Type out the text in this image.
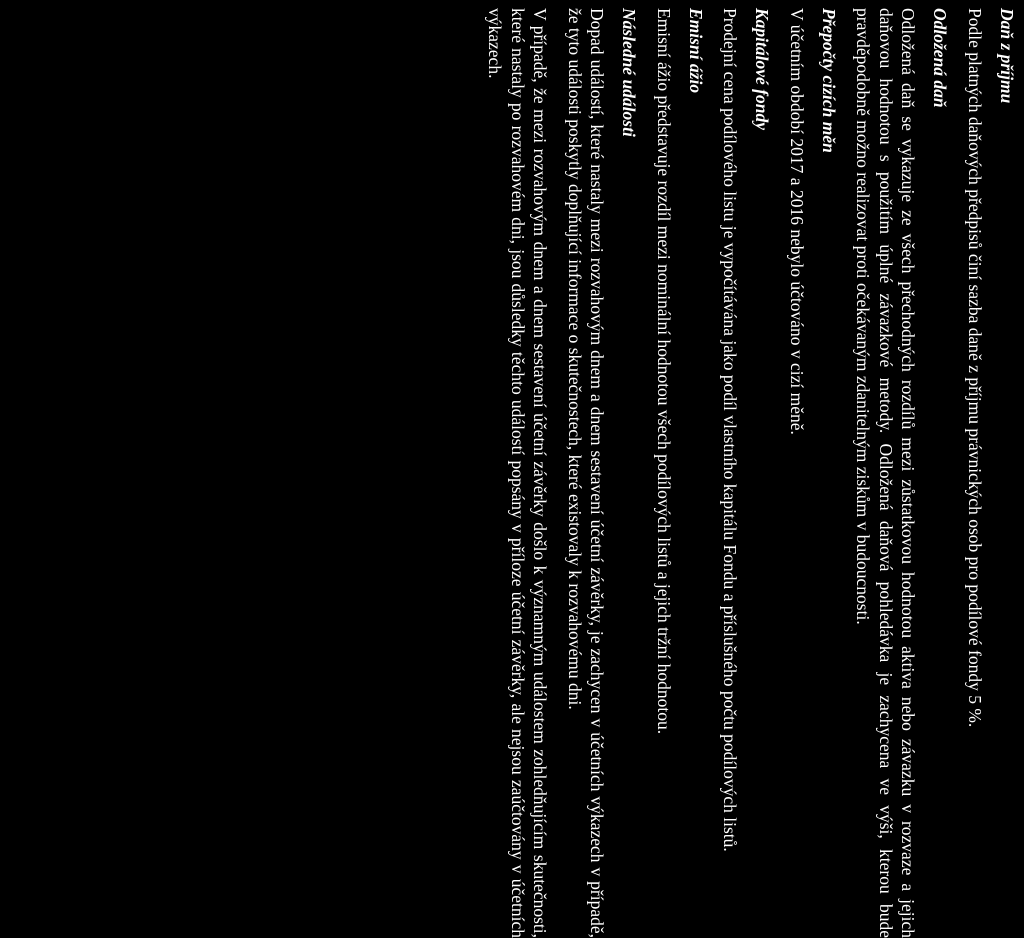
Daň z příjmu

Podle platných daňových předpisů činí sazba daně z příjmu právnických osob pro podílové fondy 5 %.

Odložená daň

Odložená daň se vykazuje ze všech přechodných rozdílů mezi zůstatkovou hodnotou aktiva nebo závazku v rozvaze a jejich daňovou hodnotou s použitím úplné závazkové metody. Odložená daňová pohledávka je zachycena ve výši, kterou bude pravděpodobně možno realizovat proti očekávaným zdanitelným ziskům v budoucnosti.

Přepočty cizích měn

V účetním období 2017 a 2016 nebylo účtováno v cizí měně.

Kapitálové fondy

Prodejní cena podílového listu je vypočítávána jako podíl vlastního kapitálu Fondu a příslušného počtu podílových listů.

Emisní ážio

Emisní ážio představuje rozdíl mezi nominální hodnotou všech podílových listů a jejich tržní hodnotou.

Následné události

Dopad událostí, které nastaly mezi rozvahovým dnem a dnem sestavení účetní závěrky, je zachycen v účetních výkazech v případě, že tyto události poskytly doplňující informace o skutečnostech, které existovaly k rozvahovému dni.

V případě, že mezi rozvahovým dnem a dnem sestavení účetní závěrky došlo k významným událostem zohledňujícím skutečnosti, které nastaly po rozvahovém dni, jsou důsledky těchto událostí popsány v příloze účetní závěrky, ale nejsou zaúčtovány v účetních výkazech.
